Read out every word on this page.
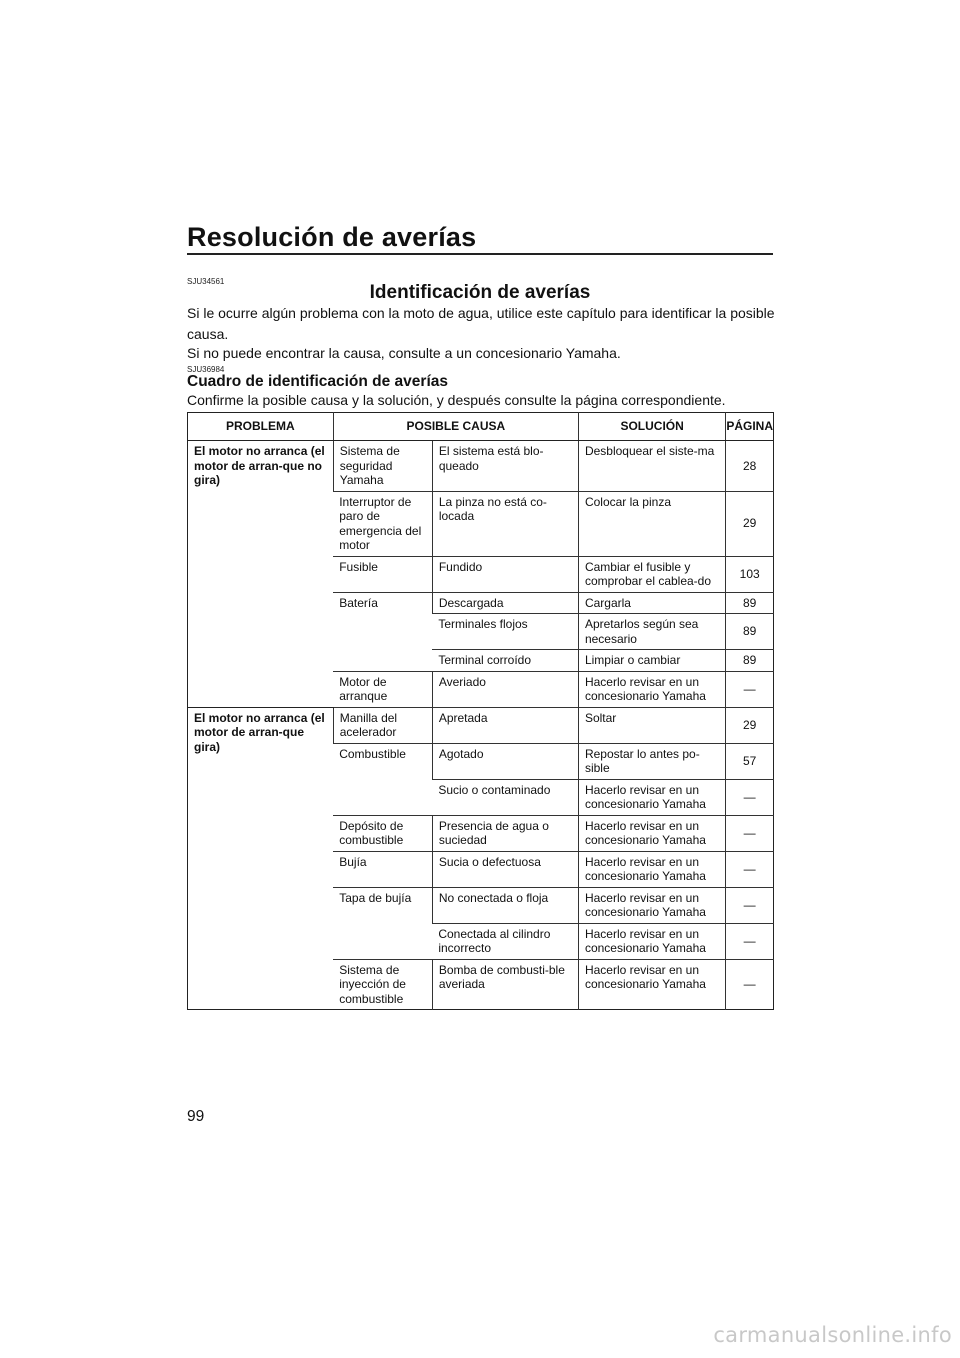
Resolución de averías
SJU34561
Identificación de averías

Si le ocurre algún problema con la moto de agua, utilice este capítulo para identificar la posible causa.

Si no puede encontrar la causa, consulte a un concesionario Yamaha.

SJU36984
Cuadro de identificación de averías

Confirme la posible causa y la solución, y después consulte la página correspondiente.

PROBLEMA	POSIBLE CAUSA		SOLUCIÓN	PÁGINA
El motor no arranca (el motor de arran-que no gira)	Sistema de seguridad Yamaha	El sistema está blo-queado	Desbloquear el siste-ma	28
	Interruptor de paro de emergencia del motor	La pinza no está co-locada	Colocar la pinza	29
	Fusible	Fundido	Cambiar el fusible y comprobar el cablea-do	103
	Batería	Descargada	Cargarla	89
		Terminales flojos	Apretarlos según sea necesario	89
		Terminal corroído	Limpiar o cambiar	89
	Motor de arranque	Averiado	Hacerlo revisar en un concesionario Yamaha	—
El motor no arranca (el motor de arran-que gira)	Manilla del acelerador	Apretada	Soltar	29
	Combustible	Agotado	Repostar lo antes po-sible	57
		Sucio o contaminado	Hacerlo revisar en un concesionario Yamaha	—
	Depósito de combustible	Presencia de agua o suciedad	Hacerlo revisar en un concesionario Yamaha	—
	Bujía	Sucia o defectuosa	Hacerlo revisar en un concesionario Yamaha	—
	Tapa de bujía	No conectada o floja	Hacerlo revisar en un concesionario Yamaha	—
		Conectada al cilindro incorrecto	Hacerlo revisar en un concesionario Yamaha	—
	Sistema de inyección de combustible	Bomba de combusti-ble averiada	Hacerlo revisar en un concesionario Yamaha	—
99
carmanualsonline.info
